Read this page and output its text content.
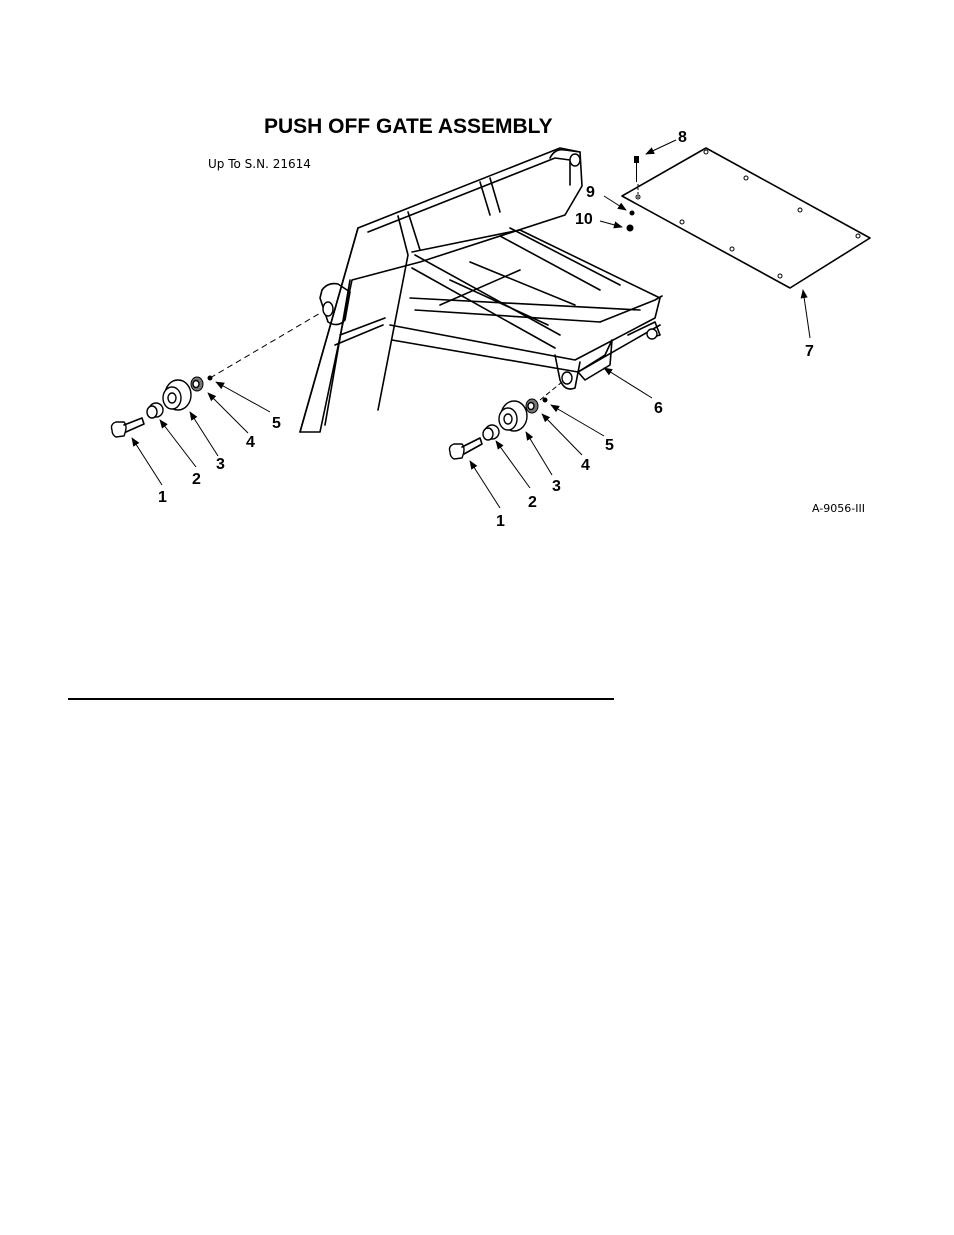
PUSH OFF GATE ASSEMBLY
Up To S.N. 21614
1
2
3
4
5
1
2
3
4
5
6
7
8
9
10
A-9056-III
